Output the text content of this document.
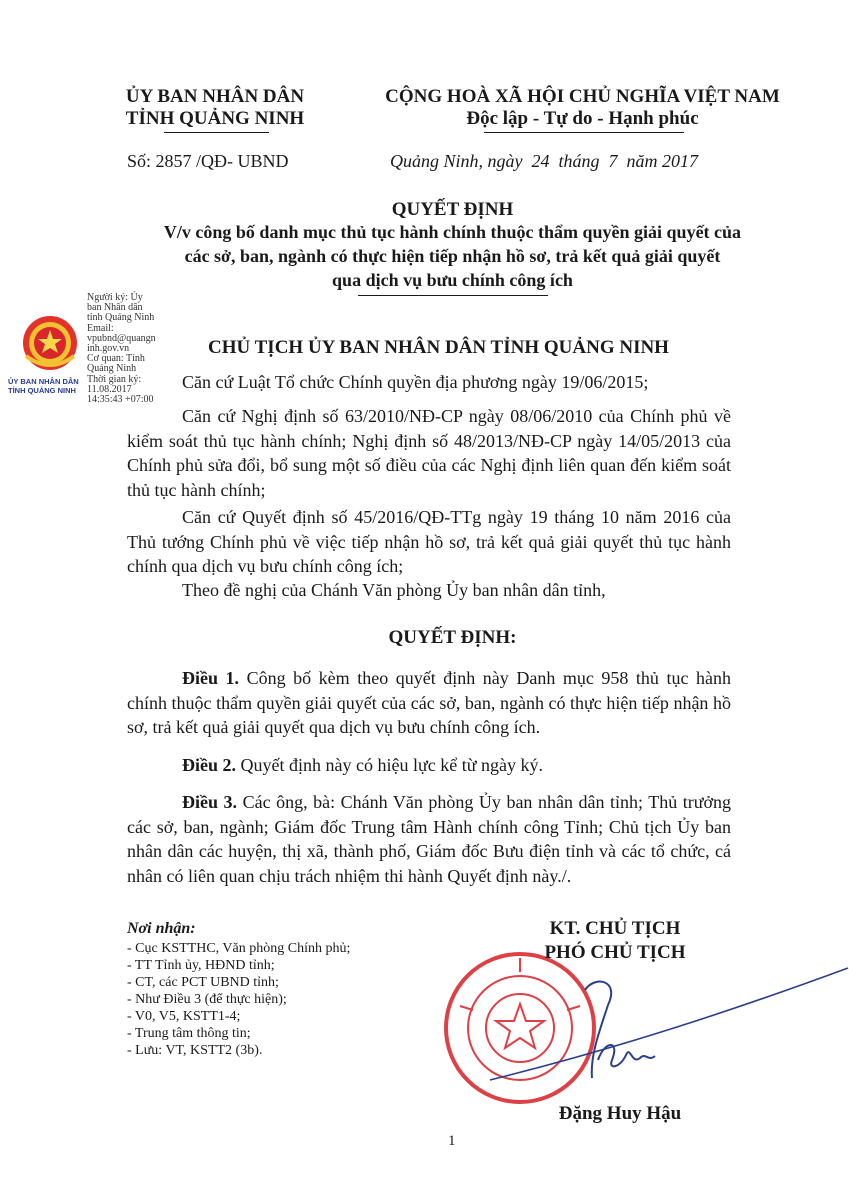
ỦY BAN NHÂN DÂN
TỈNH QUẢNG NINH
CỘNG HOÀ XÃ HỘI CHỦ NGHĨA VIỆT NAM
Độc lập - Tự do - Hạnh phúc
Số: 2857 /QĐ- UBND	Quảng Ninh, ngày  24  tháng  7  năm 2017
QUYẾT ĐỊNH
V/v công bố danh mục thủ tục hành chính thuộc thẩm quyền giải quyết của
các sở, ban, ngành có thực hiện tiếp nhận hồ sơ, trả kết quả giải quyết
qua dịch vụ bưu chính công ích
ỦY BAN NHÂN DÂN
TỈNH QUẢNG NINH
Người ký: Ủy
ban Nhân dân
tỉnh Quảng Ninh
Email:
vpubnd@quangn
inh.gov.vn
Cơ quan: Tỉnh
Quảng Ninh
Thời gian ký:
11.08.2017
14:35:43 +07:00
CHỦ TỊCH ỦY BAN NHÂN DÂN TỈNH QUẢNG NINH
Căn cứ Luật Tổ chức Chính quyền địa phương ngày 19/06/2015;
Căn cứ Nghị định số 63/2010/NĐ-CP ngày 08/06/2010 của Chính phủ về kiểm soát thủ tục hành chính; Nghị định số 48/2013/NĐ-CP ngày 14/05/2013 của Chính phủ sửa đổi, bổ sung một số điều của các Nghị định liên quan đến kiểm soát thủ tục hành chính;
Căn cứ Quyết định số 45/2016/QĐ-TTg ngày 19 tháng 10 năm 2016 của Thủ tướng Chính phủ về việc tiếp nhận hồ sơ, trả kết quả giải quyết thủ tục hành chính qua dịch vụ bưu chính công ích;
Theo đề nghị của Chánh Văn phòng Ủy ban nhân dân tỉnh,
QUYẾT ĐỊNH:
Điều 1. Công bố kèm theo quyết định này Danh mục 958 thủ tục hành chính thuộc thẩm quyền giải quyết của các sở, ban, ngành có thực hiện tiếp nhận hồ sơ, trả kết quả giải quyết qua dịch vụ bưu chính công ích.
Điều 2. Quyết định này có hiệu lực kể từ ngày ký.
Điều 3. Các ông, bà: Chánh Văn phòng Ủy ban nhân dân tỉnh; Thủ trưởng các sở, ban, ngành; Giám đốc Trung tâm Hành chính công Tỉnh; Chủ tịch Ủy ban nhân dân các huyện, thị xã, thành phố, Giám đốc Bưu điện tỉnh và các tổ chức, cá nhân có liên quan chịu trách nhiệm thi hành Quyết định này./.
Nơi nhận:
- Cục KSTTHC, Văn phòng Chính phủ;
- TT Tỉnh ủy, HĐND tỉnh;
- CT, các PCT UBND tỉnh;
- Như Điều 3 (để thực hiện);
- V0, V5, KSTT1-4;
- Trung tâm thông tin;
- Lưu: VT, KSTT2 (3b).
KT. CHỦ TỊCH
PHÓ CHỦ TỊCH
Đặng Huy Hậu
1
